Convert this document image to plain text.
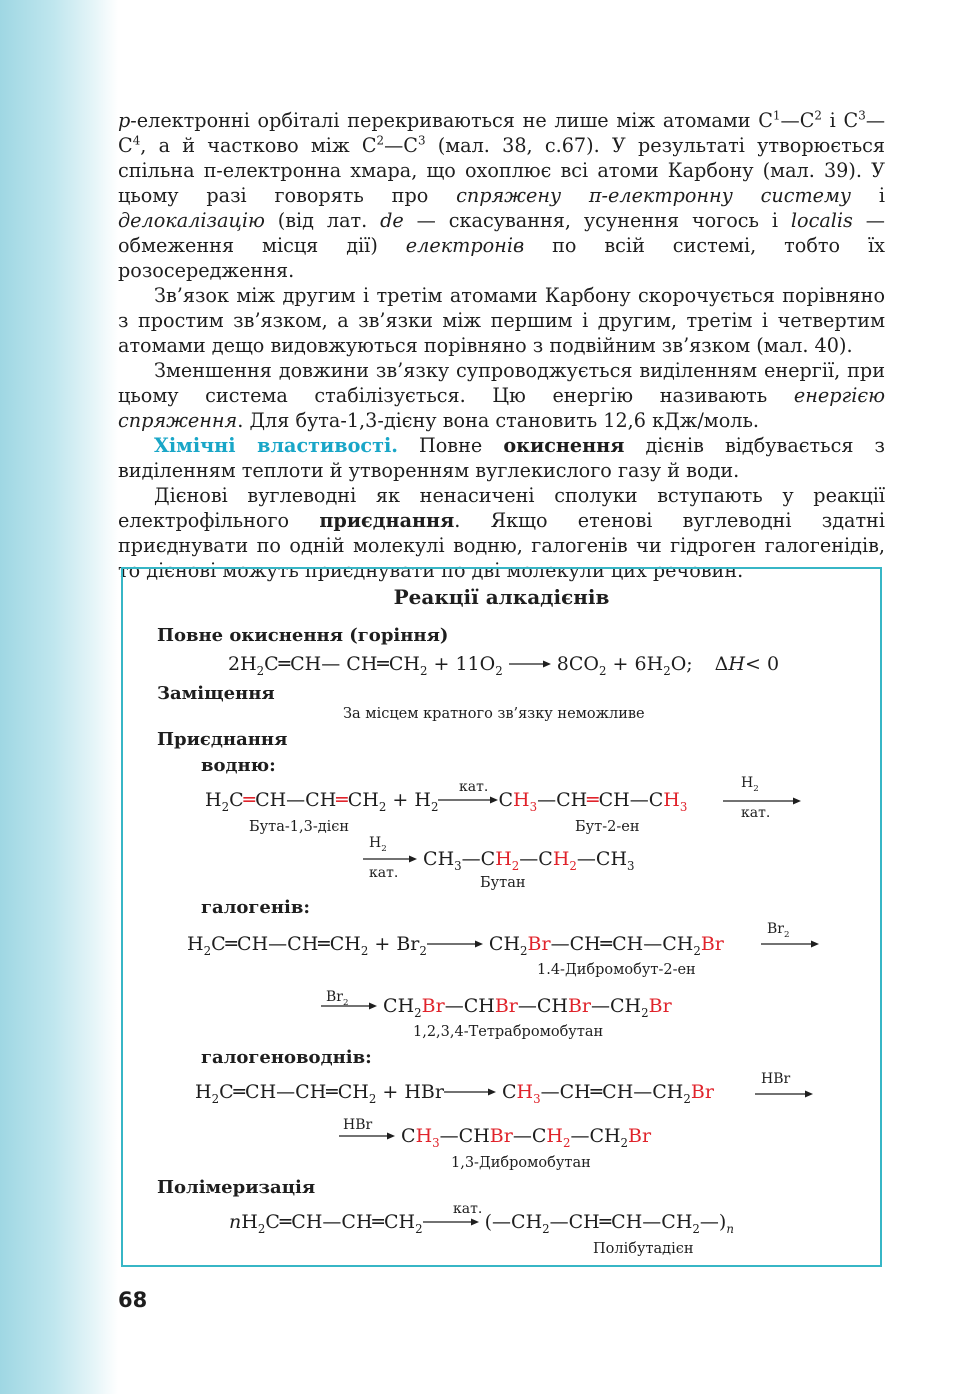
p-електронні орбіталі перекриваються не лише між атомами $C^1—C^2$ і $C^3—C^4$, а й частково між $C^2—C^3$ (мал. 38, с.67). У результаті утворюється спільна π-електронна хмара, що охоплює всі атоми Карбону (мал. 39). У цьому разі говорять про спряжену π-електронну систему і делокалізацію (від лат. de — скасування, усунення чогось і localis — обмеження місця дії) електронів по всій системі, тобто їх розосередження.

Зв’язок між другим і третім атомами Карбону скорочується порівняно з простим зв’язком, а зв’язки між першим і другим, третім і четвертим атомами дещо видовжуються порівняно з подвійним зв’язком (мал. 40).

Зменшення довжини зв’язку супроводжується виділенням енергії, при цьому система стабілізується. Цю енергію називають енергією спряження. Для бута-1,3-дієну вона становить 12,6 кДж/моль.

Хімічні властивості. Повне окиснення дієнів відбувається з виділенням теплоти й утворенням вуглекислого газу й води.

Дієнові вуглеводні як ненасичені сполуки вступають у реакції електрофільного приєднання. Якщо етенові вуглеводні здатні приєднувати по одній молекулі водню, галогенів чи гідроген галогенідів, то дієнові можуть приєднувати по дві молекули цих речовин.

Реакції алкадієнів
Повне окиснення (горіння)
$2H_2C═CH—$ $CH═CH_2 + 11O_2 \to 8CO_2 + 6H_2O$; ΔH< 0
Заміщення
За місцем кратного зв’язку неможливе
Приєднання
водню:
$H_2C═CH—CH═CH_2$ + $H_2\to CH_3—CH═CH—CH_3$
кат.
Бута-1,3-дієн	Бут-2-ен
$H_2$
кат.
$H_2$
→ $CH_3—CH_2—CH_2—CH_3$
кат.
Бутан
галогенів:
$H_2C═CH—CH═CH_2 + Br_2\to$ $CH_2Br—CH═CH—CH_2Br$
$Br_2$
1.4-Дибромобут-2-ен
$Br_2$
→ $CH_2Br—CHBr—CHBr—CH_2Br$
1,2,3,4-Тетрабромобутан
галогеноводнів:
$H_2C═CH—CH═CH_2 + HBr\to$ $CH_3—CH═CH—CH_2Br$
HBr
HBr
→ $CH_3—CHBr—CH_2—CH_2Br$
1,3-Дибромобутан
Полімеризація
$nH_2C═CH—CH═CH_2\to$ $(—CH_2—CH═CH—CH_2—)_n$
кат.
Полібутадієн
68
